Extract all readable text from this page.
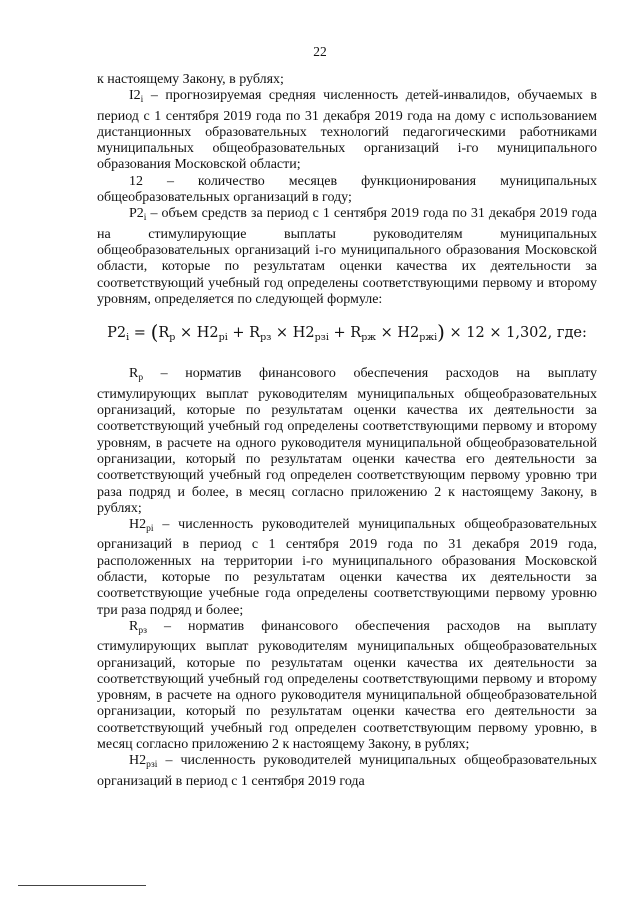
22

к настоящему Закону, в рублях;

$I2_i$ – прогнозируемая средняя численность детей-инвалидов, обучаемых в период с 1 сентября 2019 года по 31 декабря 2019 года на дому с использованием дистанционных образовательных технологий педагогическими работниками муниципальных общеобразовательных организаций i-го муниципального образования Московской области;

12 – количество месяцев функционирования муниципальных общеобразовательных организаций в году;

$P2_i$ – объем средств за период с 1 сентября 2019 года по 31 декабря 2019 года на стимулирующие выплаты руководителям муниципальных общеобразовательных организаций i-го муниципального образования Московской области, которые по результатам оценки качества их деятельности за соответствующий учебный год определены соответствующими первому и второму уровням, определяется по следующей формуле:

$P2_i = (R_р \times H2_{рi} + R_{рз} \times H2_{рзi} + R_{рж} \times H2_{ржi}) \times 12 \times 1,302$, где:

$R_р$ – норматив финансового обеспечения расходов на выплату стимулирующих выплат руководителям муниципальных общеобразовательных организаций, которые по результатам оценки качества их деятельности за соответствующий учебный год определены соответствующими первому и второму уровням, в расчете на одного руководителя муниципальной общеобразовательной организации, который по результатам оценки качества его деятельности за соответствующий учебный год определен соответствующим первому уровню три раза подряд и более, в месяц согласно приложению 2 к настоящему Закону, в рублях;

$H2_{рi}$ – численность руководителей муниципальных общеобразовательных организаций в период с 1 сентября 2019 года по 31 декабря 2019 года, расположенных на территории i-го муниципального образования Московской области, которые по результатам оценки качества их деятельности за соответствующие учебные года определены соответствующими первому уровню три раза подряд и более;

$R_{рз}$ – норматив финансового обеспечения расходов на выплату стимулирующих выплат руководителям муниципальных общеобразовательных организаций, которые по результатам оценки качества их деятельности за соответствующий учебный год определены соответствующими первому и второму уровням, в расчете на одного руководителя муниципальной общеобразовательной организации, который по результатам оценки качества его деятельности за соответствующий учебный год определен соответствующим первому уровню, в месяц согласно приложению 2 к настоящему Закону, в рублях;

$H2_{рзi}$ – численность руководителей муниципальных общеобразовательных организаций в период с 1 сентября 2019 года
